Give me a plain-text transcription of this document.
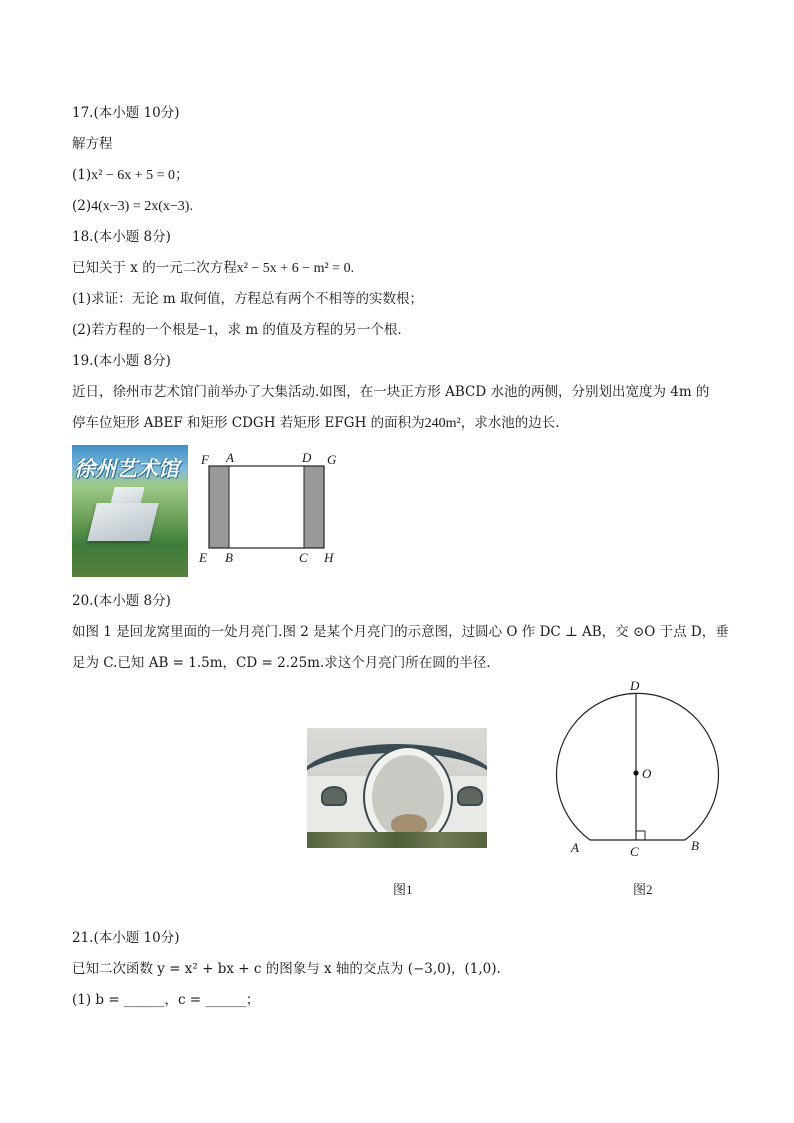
17.(本小题 10分)
解方程
(1)x² − 6x + 5 = 0；
(2)4(x−3) = 2x(x−3).
18.(本小题 8分)
已知关于 x 的一元二次方程x² − 5x + 6 − m² = 0.
(1)求证：无论 m 取何值，方程总有两个不相等的实数根；
(2)若方程的一个根是−1，求 m 的值及方程的另一个根.
19.(本小题 8分)
近日，徐州市艺术馆门前举办了大集活动.如图，在一块正方形 ABCD 水池的两侧，分别划出宽度为 4m 的
停车位矩形 ABEF 和矩形 CDGH 若矩形 EFGH 的面积为240m²，求水池的边长.
徐州艺术馆	F A	D G
E B	C H
20.(本小题 8分)
如图 1 是回龙窝里面的一处月亮门.图 2 是某个月亮门的示意图，过圆心 O 作 DC ⊥ AB，交 ⊙O 于点 D，垂
足为 C.已知 AB = 1.5m，CD = 2.25m.求这个月亮门所在圆的半径.
D
O
A	C	B
图1	图2
21.(本小题 10分)
已知二次函数 y = x² + bx + c 的图象与 x 轴的交点为 (−3,0)，(1,0).
(1) b = ______，c = ______；
